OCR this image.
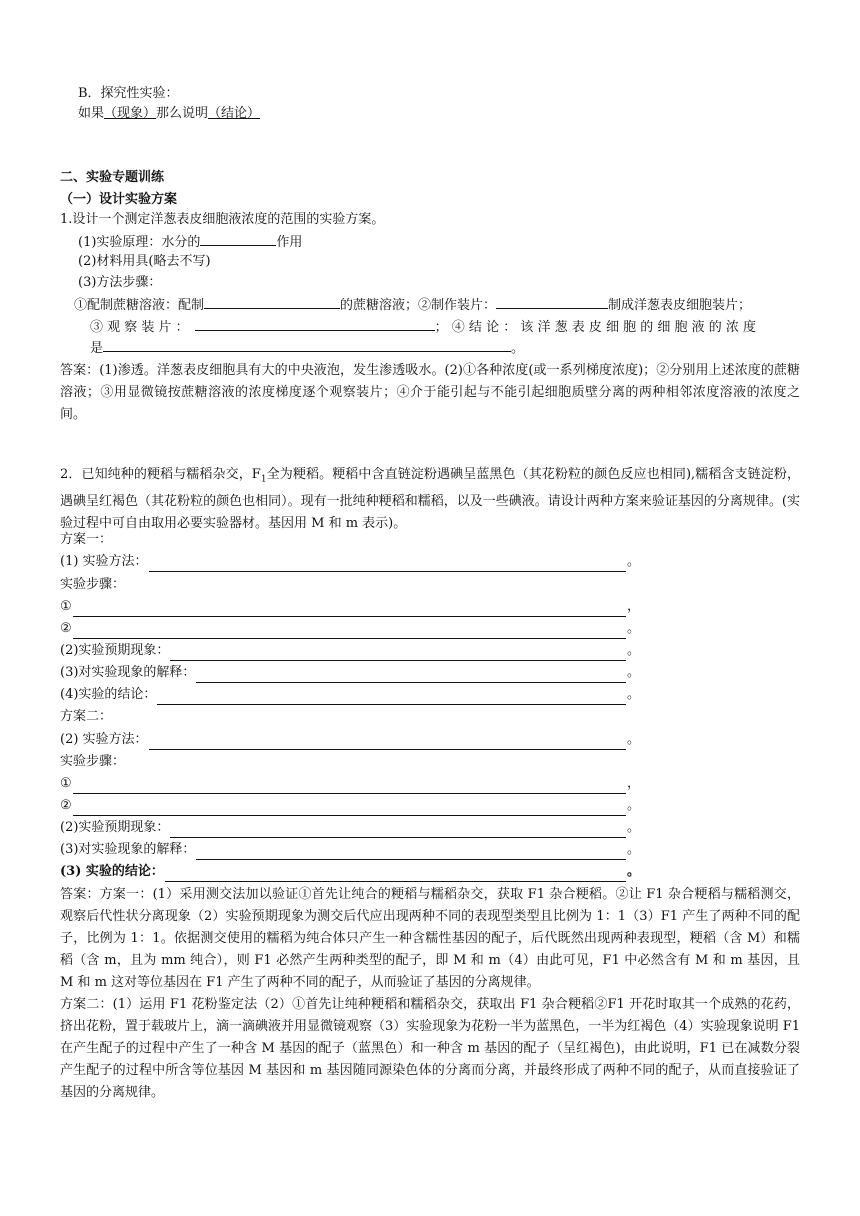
B．探究性实验：
如果（现象）那么说明（结论）
二、实验专题训练
（一）设计实验方案
1.设计一个测定洋葱表皮细胞液浓度的范围的实验方案。
(1)实验原理：水分的	作用
(2)材料用具(略去不写)
(3)方法步骤：
①配制蔗糖溶液：配制	的蔗糖溶液；②制作装片：	制成洋葱表皮细胞装片；
③ 观 察 装 片 ：	； ④ 结 论 ： 该 洋 葱 表 皮 细 胞 的 细 胞 液 的 浓 度
是	。
答案：(1)渗透。洋葱表皮细胞具有大的中央液泡，发生渗透吸水。(2)①各种浓度(或一系列梯度浓度)；②分别用上述浓度的蔗糖溶液；③用显微镜按蔗糖溶液的浓度梯度逐个观察装片；④介于能引起与不能引起细胞质壁分离的两种相邻浓度溶液的浓度之间。
2．已知纯种的粳稻与糯稻杂交，$F_1$全为粳稻。粳稻中含直链淀粉遇碘呈蓝黑色（其花粉粒的颜色反应也相同),糯稻含支链淀粉，遇碘呈红褐色（其花粉粒的颜色也相同）。现有一批纯种粳稻和糯稻，以及一些碘液。请设计两种方案来验证基因的分离规律。(实验过程中可自由取用必要实验器材。基因用 M 和 m 表示)。
方案一：
(1) 实验方法：	。
实验步骤：
①	，
②	。
(2)实验预期现象：	。
(3)对实验现象的解释：	。
(4)实验的结论：	。
方案二：
(2) 实验方法：	。
实验步骤：
①	，
②	。
(2)实验预期现象：	。
(3)对实验现象的解释：	。
(3) 实验的结论：	。
答案：方案一：(1）采用测交法加以验证①首先让纯合的粳稻与糯稻杂交，获取 F1 杂合粳稻。②让 F1 杂合粳稻与糯稻测交，观察后代性状分离现象（2）实验预期现象为测交后代应出现两种不同的表现型类型且比例为 1：1（3）F1 产生了两种不同的配子，比例为 1：1。依据测交使用的糯稻为纯合体只产生一种含糯性基因的配子，后代既然出现两种表现型，粳稻（含 M）和糯稻（含 m，且为 mm 纯合），则 F1 必然产生两种类型的配子，即 M 和 m（4）由此可见，F1 中必然含有 M 和 m 基因，且 M 和 m 这对等位基因在 F1 产生了两种不同的配子，从而验证了基因的分离规律。
方案二：(1）运用 F1 花粉鉴定法（2）①首先让纯种粳稻和糯稻杂交，获取出 F1 杂合粳稻②F1 开花时取其一个成熟的花药，挤出花粉，置于载玻片上，滴一滴碘液并用显微镜观察（3）实验现象为花粉一半为蓝黑色，一半为红褐色（4）实验现象说明 F1 在产生配子的过程中产生了一种含 M 基因的配子（蓝黑色）和一种含 m 基因的配子（呈红褐色)，由此说明，F1 已在减数分裂产生配子的过程中所含等位基因 M 基因和 m 基因随同源染色体的分离而分离，并最终形成了两种不同的配子，从而直接验证了基因的分离规律。
